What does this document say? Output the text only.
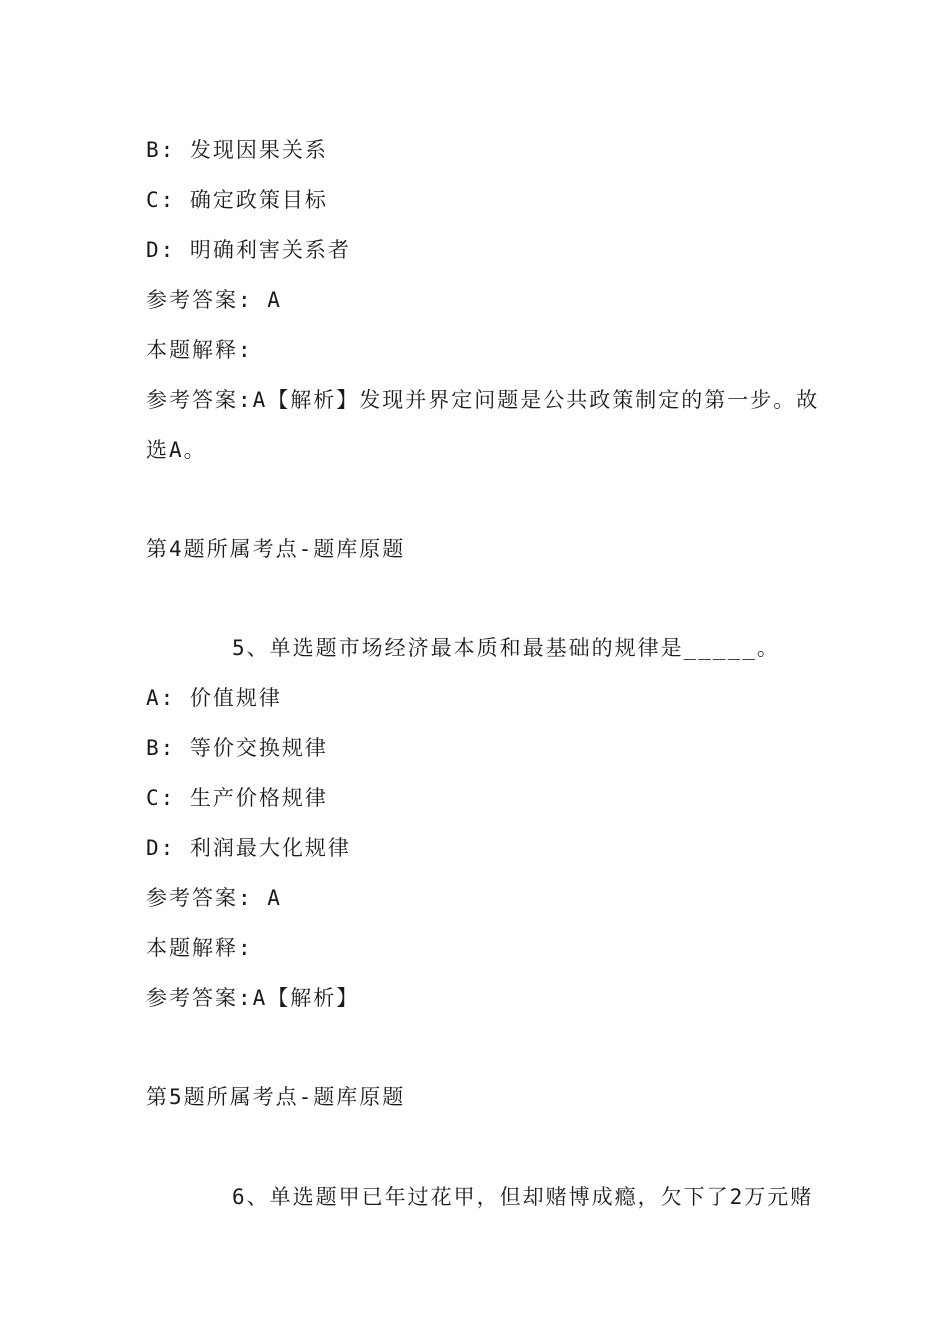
B: 发现因果关系
C: 确定政策目标
D: 明确利害关系者
参考答案: A
本题解释:
参考答案:A【解析】发现并界定问题是公共政策制定的第一步。故
选A。
第4题所属考点-题库原题
5、单选题市场经济最本质和最基础的规律是_____。
A: 价值规律
B: 等价交换规律
C: 生产价格规律
D: 利润最大化规律
参考答案: A
本题解释:
参考答案:A【解析】
第5题所属考点-题库原题
6、单选题甲已年过花甲，但却赌博成瘾，欠下了2万元赌
